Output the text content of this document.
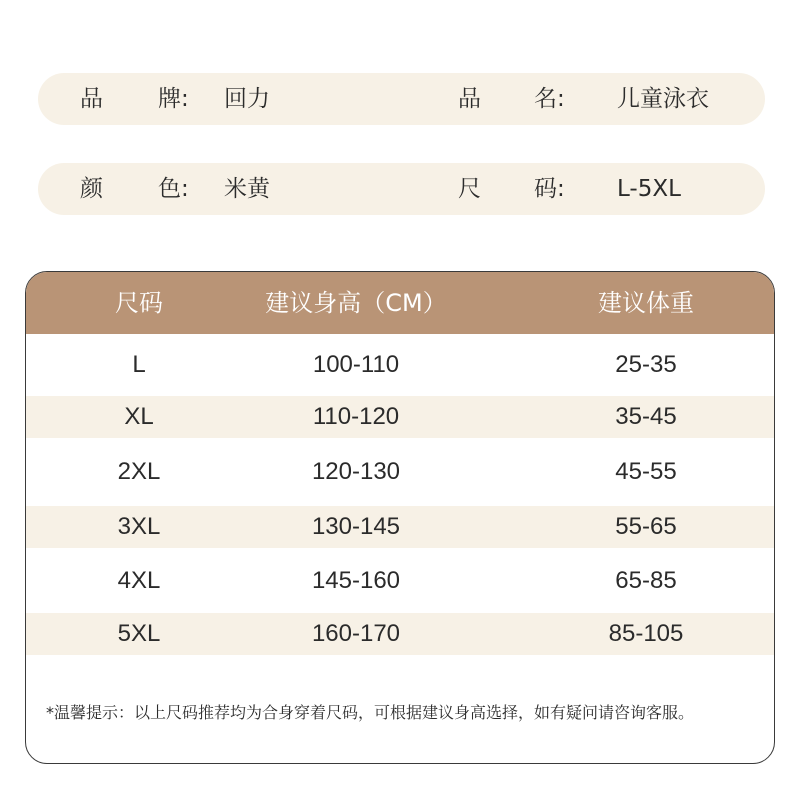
品 牌: 回力	品 名: 儿童泳衣
颜 色: 米黄	尺 码: L-5XL
尺码	建议身高（CM）	建议体重
L	100-110	25-35
XL	110-120	35-45
2XL	120-130	45-55
3XL	130-145	55-65
4XL	145-160	65-85
5XL	160-170	85-105
*温馨提示：以上尺码推荐均为合身穿着尺码，可根据建议身高选择，如有疑问请咨询客服。
